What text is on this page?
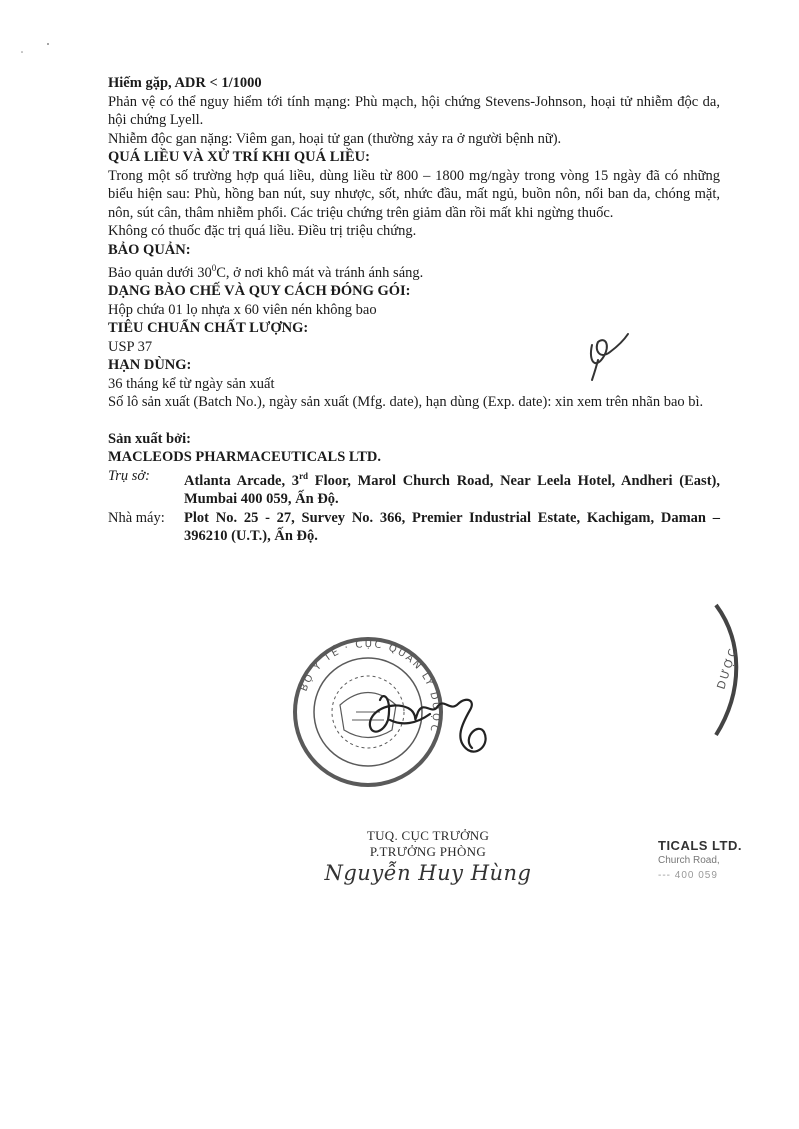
BỘ Y TẾ · CỤC QUẢN LÝ DƯỢC
DƯỢC

Hiếm gặp, ADR < 1/1000

Phản vệ có thể nguy hiểm tới tính mạng: Phù mạch, hội chứng Stevens-Johnson, hoại tử nhiễm độc da, hội chứng Lyell.

Nhiễm độc gan nặng: Viêm gan, hoại tử gan (thường xảy ra ở người bệnh nữ).

QUÁ LIỀU VÀ XỬ TRÍ KHI QUÁ LIỀU:

Trong một số trường hợp quá liều, dùng liều từ 800 – 1800 mg/ngày trong vòng 15 ngày đã có những biểu hiện sau: Phù, hồng ban nút, suy nhược, sốt, nhức đầu, mất ngủ, buồn nôn, nổi ban da, chóng mặt, nôn, sút cân, thâm nhiễm phổi. Các triệu chứng trên giảm dần rồi mất khi ngừng thuốc.

Không có thuốc đặc trị quá liều. Điều trị triệu chứng.

BẢO QUẢN:

Bảo quản dưới $30^0C$, ở nơi khô mát và tránh ánh sáng.

DẠNG BÀO CHẾ VÀ QUY CÁCH ĐÓNG GÓI:

Hộp chứa 01 lọ nhựa x 60 viên nén không bao

TIÊU CHUẨN CHẤT LƯỢNG:

USP 37

HẠN DÙNG:

36 tháng kể từ ngày sản xuất

Số lô sản xuất (Batch No.), ngày sản xuất (Mfg. date), hạn dùng (Exp. date): xin xem trên nhãn bao bì.

Sản xuất bởi:

MACLEODS PHARMACEUTICALS LTD.

Trụ sở:	Atlanta Arcade, 3rd Floor, Marol Church Road, Near Leela Hotel, Andheri (East), Mumbai 400 059, Ấn Độ.
Nhà máy:	Plot No. 25 - 27, Survey No. 366, Premier Industrial Estate, Kachigam, Daman – 396210 (U.T.), Ấn Độ.
TUQ. CỤC TRƯỞNG
P.TRƯỞNG PHÒNG
Nguyễn Huy Hùng
TICALS LTD.
Church Road,
--- 400 059
